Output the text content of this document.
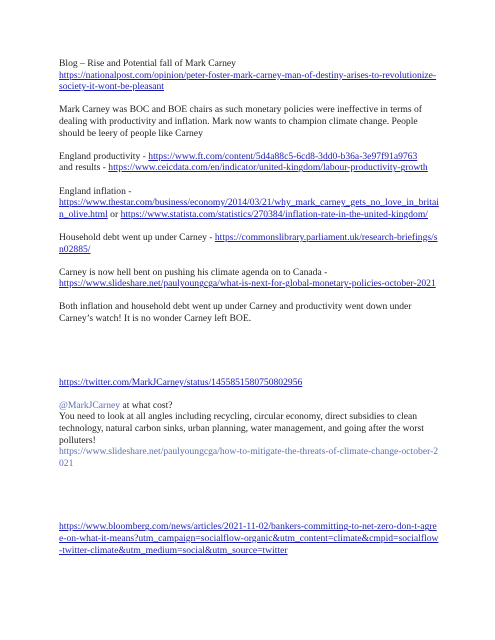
Blog – Rise and Potential fall of Mark Carney
https://nationalpost.com/opinion/peter-foster-mark-carney-man-of-destiny-arises-to-revolutionize-society-it-wont-be-pleasant

Mark Carney was BOC and BOE chairs as such monetary policies were ineffective in terms of dealing with productivity and inflation. Mark now wants to champion climate change. People should be leery of people like Carney

England productivity - https://www.ft.com/content/5d4a88c5-6cd8-3dd0-b36a-3e97f91a9763
and results - https://www.ceicdata.com/en/indicator/united-kingdom/labour-productivity-growth

England inflation -
https://www.thestar.com/business/economy/2014/03/21/why_mark_carney_gets_no_love_in_britain_olive.html or https://www.statista.com/statistics/270384/inflation-rate-in-the-united-kingdom/

Household debt went up under Carney - https://commonslibrary.parliament.uk/research-briefings/sn02885/

Carney is now hell bent on pushing his climate agenda on to Canada -
https://www.slideshare.net/paulyoungcga/what-is-next-for-global-monetary-policies-october-2021

Both inflation and household debt went up under Carney and productivity went down under Carney’s watch! It is no wonder Carney left BOE.

https://twitter.com/MarkJCarney/status/1455851580750802956

@MarkJCarney at what cost?
You need to look at all angles including recycling, circular economy, direct subsidies to clean technology, natural carbon sinks, urban planning, water management, and going after the worst polluters!

https://www.slideshare.net/paulyoungcga/how-to-mitigate-the-threats-of-climate-change-october-2021

https://www.bloomberg.com/news/articles/2021-11-02/bankers-committing-to-net-zero-don-t-agree-on-what-it-means?utm_campaign=socialflow-organic&utm_content=climate&cmpid=socialflow-twitter-climate&utm_medium=social&utm_source=twitter
